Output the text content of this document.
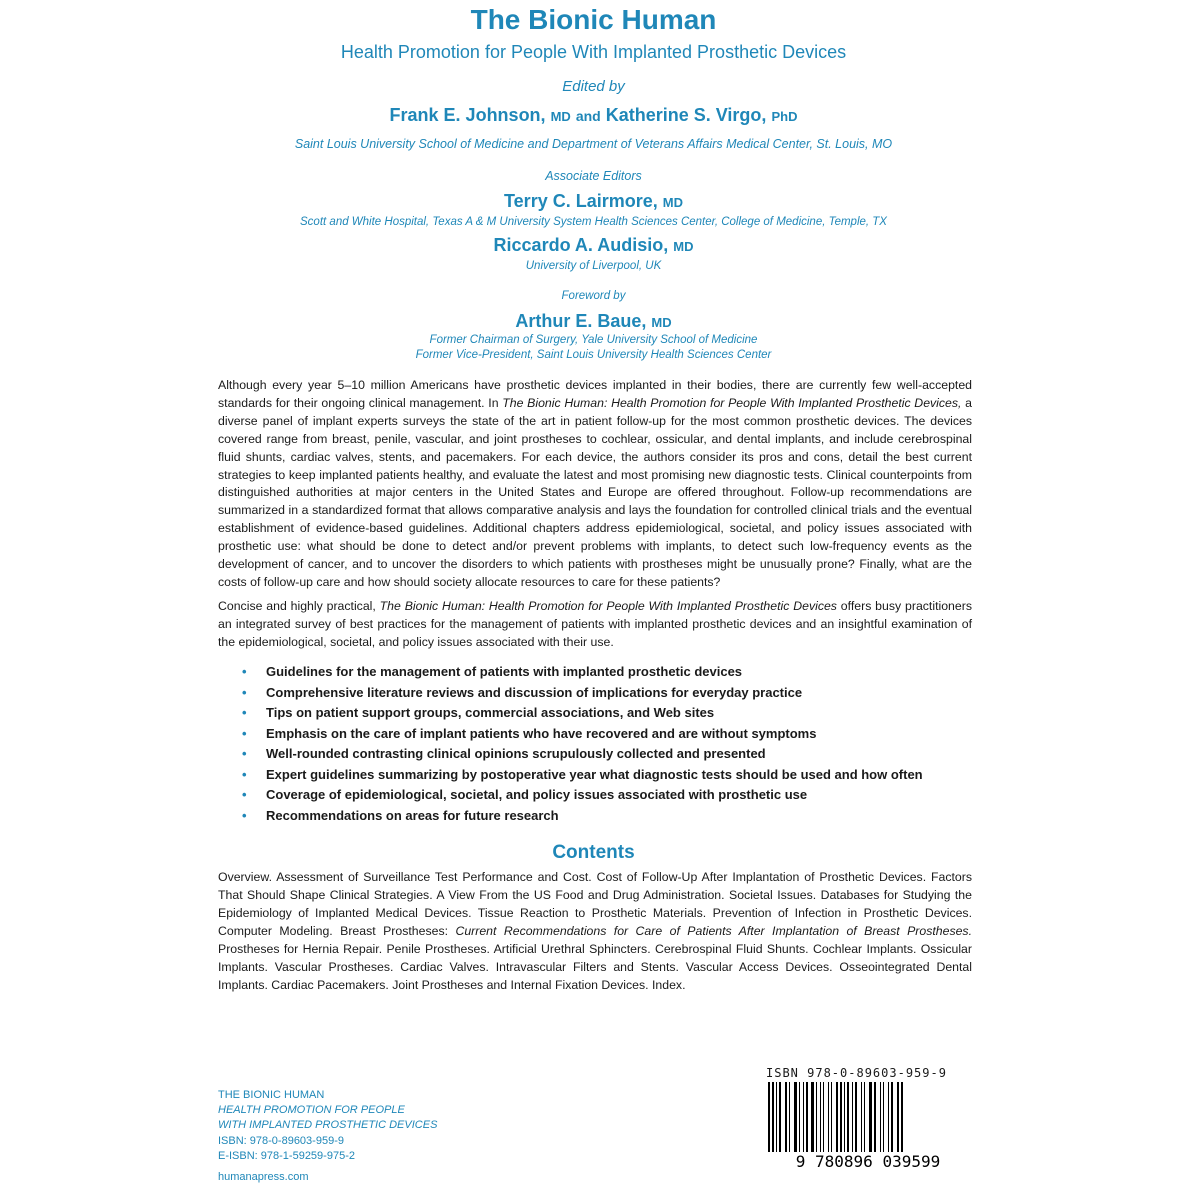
The Bionic Human
Health Promotion for People With Implanted Prosthetic Devices
Edited by
Frank E. Johnson, MD and Katherine S. Virgo, PhD
Saint Louis University School of Medicine and Department of Veterans Affairs Medical Center, St. Louis, MO
Associate Editors
Terry C. Lairmore, MD
Scott and White Hospital, Texas A & M University System Health Sciences Center, College of Medicine, Temple, TX
Riccardo A. Audisio, MD
University of Liverpool, UK
Foreword by
Arthur E. Baue, MD
Former Chairman of Surgery, Yale University School of Medicine
Former Vice-President, Saint Louis University Health Sciences Center

Although every year 5–10 million Americans have prosthetic devices implanted in their bodies, there are currently few well-accepted standards for their ongoing clinical management. In The Bionic Human: Health Promotion for People With Implanted Prosthetic Devices, a diverse panel of implant experts surveys the state of the art in patient follow-up for the most common prosthetic devices. The devices covered range from breast, penile, vascular, and joint prostheses to cochlear, ossicular, and dental implants, and include cerebrospinal fluid shunts, cardiac valves, stents, and pacemakers. For each device, the authors consider its pros and cons, detail the best current strategies to keep implanted patients healthy, and evaluate the latest and most promising new diagnostic tests. Clinical counterpoints from distinguished authorities at major centers in the United States and Europe are offered throughout. Follow-up recommendations are summarized in a standardized format that allows comparative analysis and lays the foundation for controlled clinical trials and the eventual establishment of evidence-based guidelines. Additional chapters address epidemiological, societal, and policy issues associated with prosthetic use: what should be done to detect and/or prevent problems with implants, to detect such low-frequency events as the development of cancer, and to uncover the disorders to which patients with prostheses might be unusually prone? Finally, what are the costs of follow-up care and how should society allocate resources to care for these patients?

Concise and highly practical, The Bionic Human: Health Promotion for People With Implanted Prosthetic Devices offers busy practitioners an integrated survey of best practices for the management of patients with implanted prosthetic devices and an insightful examination of the epidemiological, societal, and policy issues associated with their use.

• Guidelines for the management of patients with implanted prosthetic devices
• Comprehensive literature reviews and discussion of implications for everyday practice
• Tips on patient support groups, commercial associations, and Web sites
• Emphasis on the care of implant patients who have recovered and are without symptoms
• Well-rounded contrasting clinical opinions scrupulously collected and presented
• Expert guidelines summarizing by postoperative year what diagnostic tests should be used and how often
• Coverage of epidemiological, societal, and policy issues associated with prosthetic use
• Recommendations on areas for future research
Contents

Overview. Assessment of Surveillance Test Performance and Cost. Cost of Follow-Up After Implantation of Prosthetic Devices. Factors That Should Shape Clinical Strategies. A View From the US Food and Drug Administration. Societal Issues. Databases for Studying the Epidemiology of Implanted Medical Devices. Tissue Reaction to Prosthetic Materials. Prevention of Infection in Prosthetic Devices. Computer Modeling. Breast Prostheses: Current Recommendations for Care of Patients After Implantation of Breast Prostheses. Prostheses for Hernia Repair. Penile Prostheses. Artificial Urethral Sphincters. Cerebrospinal Fluid Shunts. Cochlear Implants. Ossicular Implants. Vascular Prostheses. Cardiac Valves. Intravascular Filters and Stents. Vascular Access Devices. Osseointegrated Dental Implants. Cardiac Pacemakers. Joint Prostheses and Internal Fixation Devices. Index.

THE BIONIC HUMAN
HEALTH PROMOTION FOR PEOPLE
WITH IMPLANTED PROSTHETIC DEVICES
ISBN: 978-0-89603-959-9
E-ISBN: 978-1-59259-975-2
humanapress.com
ISBN 978-0-89603-959-9
9 780896 039599
